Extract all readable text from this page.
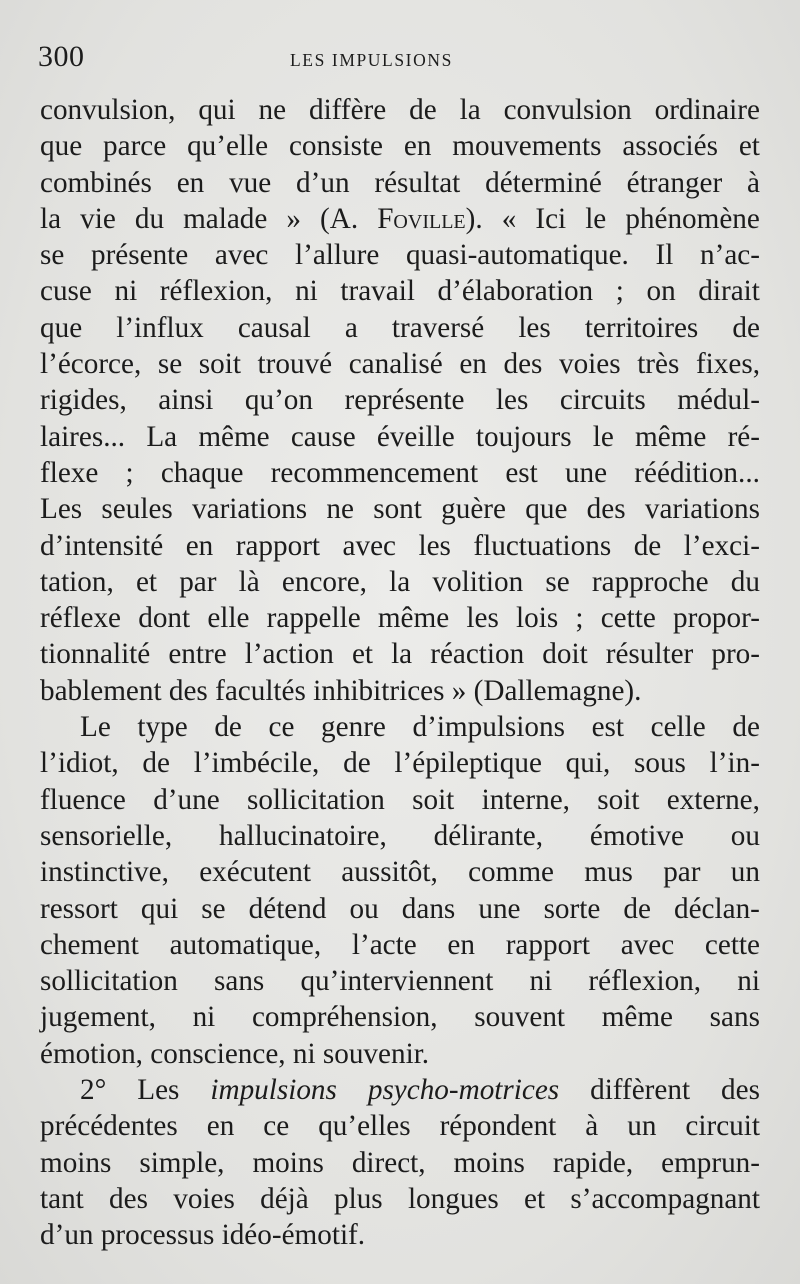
300	LES IMPULSIONS
convulsion, qui ne diffère de la convulsion ordinaire
que parce qu’elle consiste en mouvements associés et
combinés en vue d’un résultat déterminé étranger à
la vie du malade » (A. Foville). « Ici le phénomène
se présente avec l’allure quasi-automatique. Il n’ac-
cuse ni réflexion, ni travail d’élaboration ; on dirait
que l’influx causal a traversé les territoires de
l’écorce, se soit trouvé canalisé en des voies très fixes,
rigides, ainsi qu’on représente les circuits médul-
laires... La même cause éveille toujours le même ré-
flexe ; chaque recommencement est une réédition...
Les seules variations ne sont guère que des variations
d’intensité en rapport avec les fluctuations de l’exci-
tation, et par là encore, la volition se rapproche du
réflexe dont elle rappelle même les lois ; cette propor-
tionnalité entre l’action et la réaction doit résulter pro-
bablement
des
facultés
inhibitrices
»
(Dallemagne).
Le type de ce genre d’impulsions est celle de
l’idiot, de l’imbécile, de l’épileptique qui, sous l’in-
fluence d’une sollicitation soit interne, soit externe,
sensorielle, hallucinatoire, délirante, émotive ou
instinctive, exécutent aussitôt, comme mus par un
ressort qui se détend ou dans une sorte de déclan-
chement automatique, l’acte en rapport avec cette
sollicitation sans qu’interviennent ni réflexion, ni
jugement, ni compréhension, souvent même sans
émotion,
conscience,
ni
souvenir.
2° Les impulsions psycho-motrices diffèrent des
précédentes en ce qu’elles répondent à un circuit
moins simple, moins direct, moins rapide, emprun-
tant des voies déjà plus longues et s’accompagnant
d’un
processus
idéo-émotif.
